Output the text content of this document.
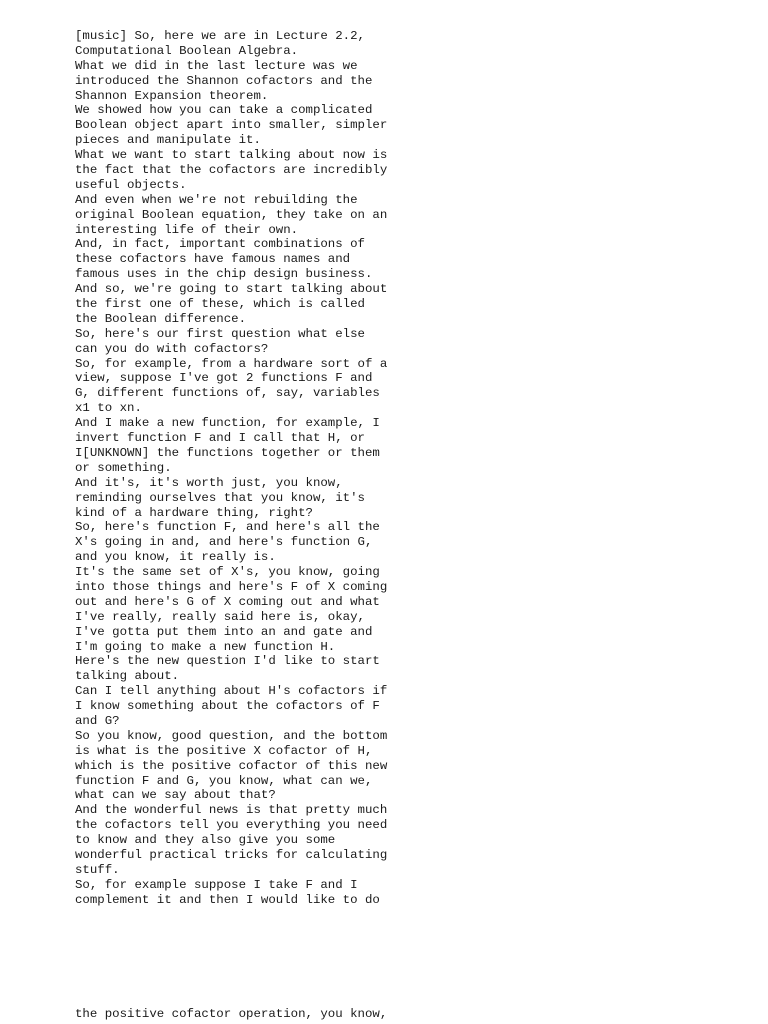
[music] So, here we are in Lecture 2.2,
Computational Boolean Algebra.
What we did in the last lecture was we
introduced the Shannon cofactors and the
Shannon Expansion theorem.
We showed how you can take a complicated
Boolean object apart into smaller, simpler
pieces and manipulate it.
What we want to start talking about now is
the fact that the cofactors are incredibly
useful objects.
And even when we're not rebuilding the
original Boolean equation, they take on an
interesting life of their own.
And, in fact, important combinations of
these cofactors have famous names and
famous uses in the chip design business.
And so, we're going to start talking about
the first one of these, which is called
the Boolean difference.
So, here's our first question what else
can you do with cofactors?
So, for example, from a hardware sort of a
view, suppose I've got 2 functions F and
G, different functions of, say, variables
x1 to xn.
And I make a new function, for example, I
invert function F and I call that H, or
I[UNKNOWN] the functions together or them
or something.
And it's, it's worth just, you know,
reminding ourselves that you know, it's
kind of a hardware thing, right?
So, here's function F, and here's all the
X's going in and, and here's function G,
and you know, it really is.
It's the same set of X's, you know, going
into those things and here's F of X coming
out and here's G of X coming out and what
I've really, really said here is, okay,
I've gotta put them into an and gate and
I'm going to make a new function H.
Here's the new question I'd like to start
talking about.
Can I tell anything about H's cofactors if
I know something about the cofactors of F
and G?
So you know, good question, and the bottom
is what is the positive X cofactor of H,
which is the positive cofactor of this new
function F and G, you know, what can we,
what can we say about that?
And the wonderful news is that pretty much
the cofactors tell you everything you need
to know and they also give you some
wonderful practical tricks for calculating
stuff.
So, for example suppose I take F and I
complement it and then I would like to do
the positive cofactor operation, you know,
